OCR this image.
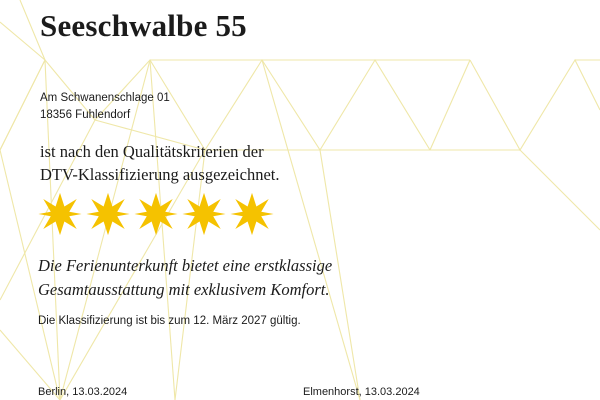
Seeschwalbe 55
Am Schwanenschlage 01
18356 Fuhlendorf
ist nach den Qualitätskriterien der
DTV-Klassifizierung ausgezeichnet.
Die Ferienunterkunft bietet eine erstklassige
Gesamtausstattung mit exklusivem Komfort.
Die Klassifizierung ist bis zum 12. März 2027 gültig.
Berlin, 13.03.2024	Elmenhorst, 13.03.2024
